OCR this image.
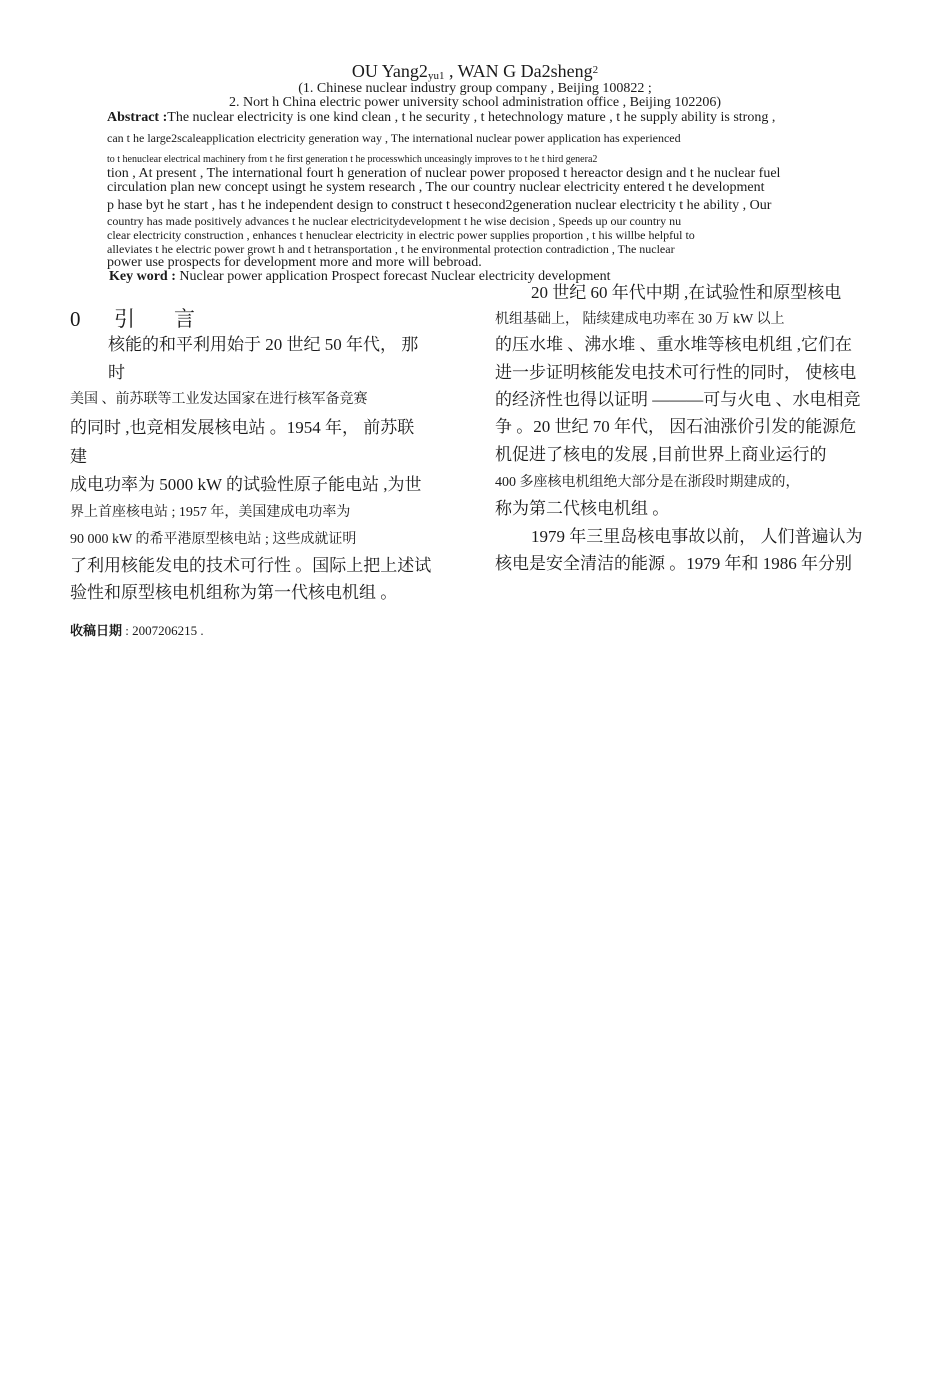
OU $Yang2_{yu1}$ , WAN G Da2sheng$^2$
(1. Chinese nuclear industry group company , Beijing 100822 ;
2. Nort h China electric power university school administration office , Beijing 102206)
Abstract :The nuclear electricity is one kind clean , t he security , t hetechnology mature , t he supply ability is strong ,
can t he large2scaleapplication electricity generation way , The international nuclear power application has experienced
to t henuclear electrical machinery from t he first generation t he processwhich unceasingly improves to t he t hird genera2
tion , At present , The international fourt h generation of nuclear power proposed t hereactor design and t he nuclear fuel
circulation plan new concept usingt he system research , The our country nuclear electricity entered t he development
p hase byt he start , has t he independent design to construct t hesecond2generation nuclear electricity t he ability , Our
country has made positively advances t he nuclear electricitydevelopment t he wise decision , Speeds up our country nu
clear electricity construction , enhances t henuclear electricity in electric power supplies proportion , t his willbe helpful to
alleviates t he electric power growt h and t hetransportation , t he environmental protection contradiction , The nuclear
power use prospects for development more and more will bebroad.
Key word : Nuclear power application Prospect forecast Nuclear electricity development
0 引 言
核能的和平利用始于 20 世纪 50 年代， 那
时
美国 、前苏联等工业发达国家在进行核军备竞赛
的同时 ,也竞相发展核电站 。1954 年， 前苏联
建
成电功率为 5000 kW 的试验性原子能电站 ,为世
界上首座核电站 ; 1957 年，美国建成电功率为
90 000 kW 的希平港原型核电站 ; 这些成就证明
了利用核能发电的技术可行性 。国际上把上述试
验性和原型核电机组称为第一代核电机组 。
20 世纪 60 年代中期 ,在试验性和原型核电
机组基础上， 陆续建成电功率在 30 万 kW 以上
的压水堆 、沸水堆 、重水堆等核电机组 ,它们在
进一步证明核能发电技术可行性的同时， 使核电
的经济性也得以证明 ———可与火电 、水电相竞
争 。20 世纪 70 年代， 因石油涨价引发的能源危
机促进了核电的发展 ,目前世界上商业运行的
400 多座核电机组绝大部分是在浙段时期建成的，
称为第二代核电机组 。
1979 年三里岛核电事故以前， 人们普遍认为
核电是安全清洁的能源 。1979 年和 1986 年分别
收稿日期 : 2007206215 .
